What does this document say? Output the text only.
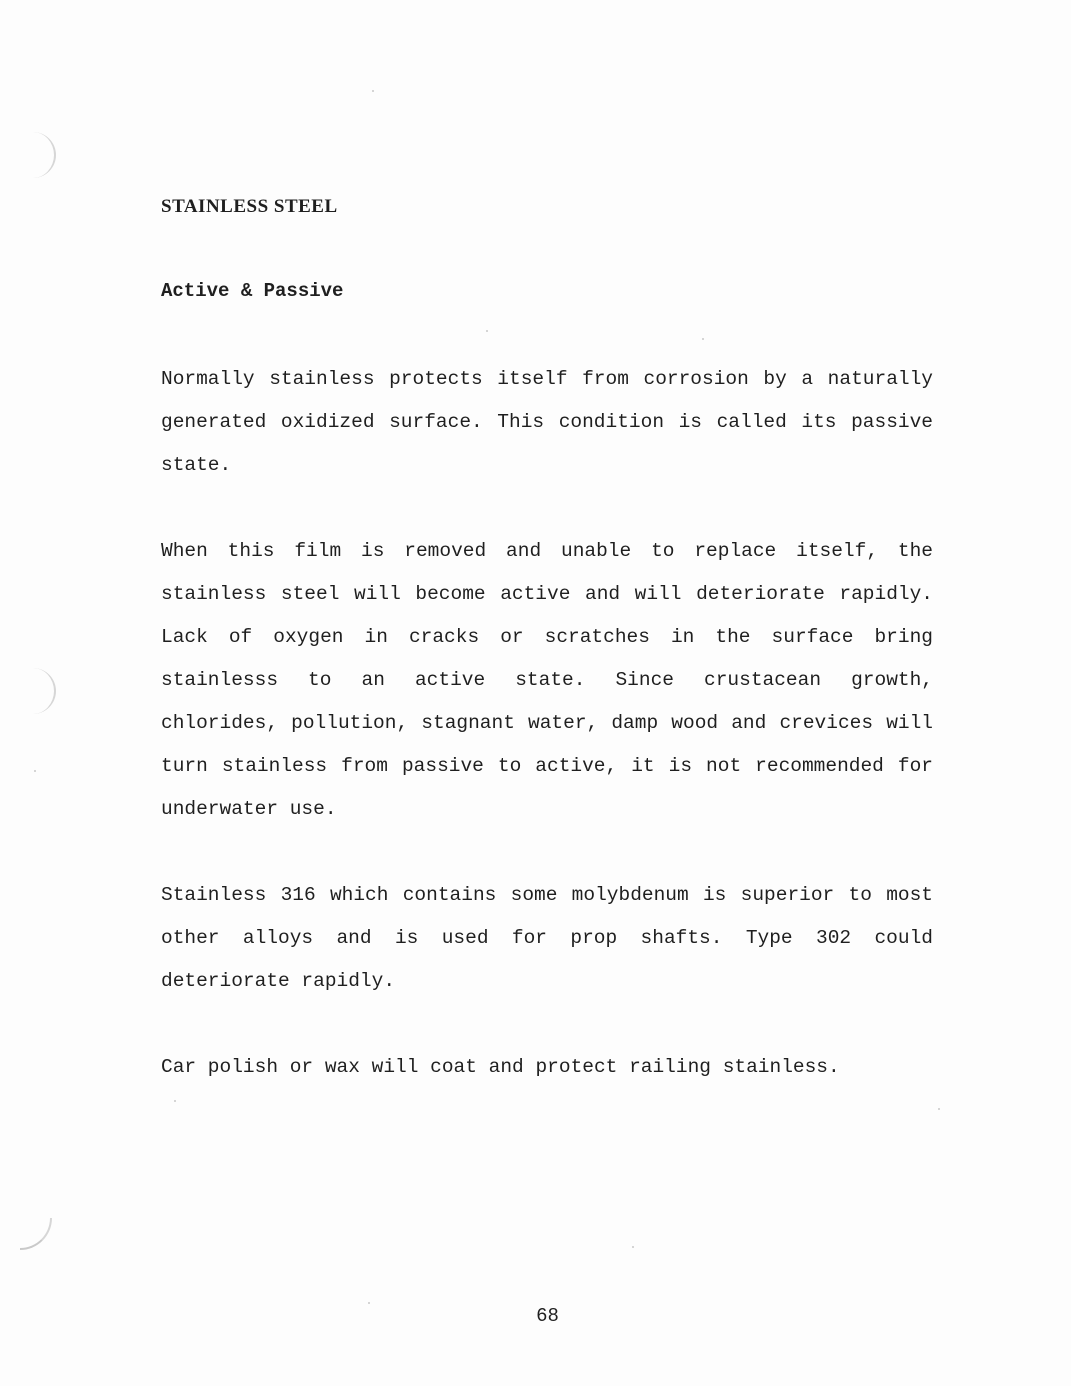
STAINLESS STEEL
Active & Passive

Normally stainless protects itself from corrosion by a naturally generated oxidized surface. This condition is called its passive state.

When this film is removed and unable to replace itself, the stainless steel will become active and will deteriorate rapidly. Lack of oxygen in cracks or scratches in the surface bring stainlesss to an active state. Since crustacean growth, chlorides, pollution, stagnant water, damp wood and crevices will turn stainless from passive to active, it is not recommended for underwater use.

Stainless 316 which contains some molybdenum is superior to most other alloys and is used for prop shafts. Type 302 could deteriorate rapidly.

Car polish or wax will coat and protect railing stainless.

68
